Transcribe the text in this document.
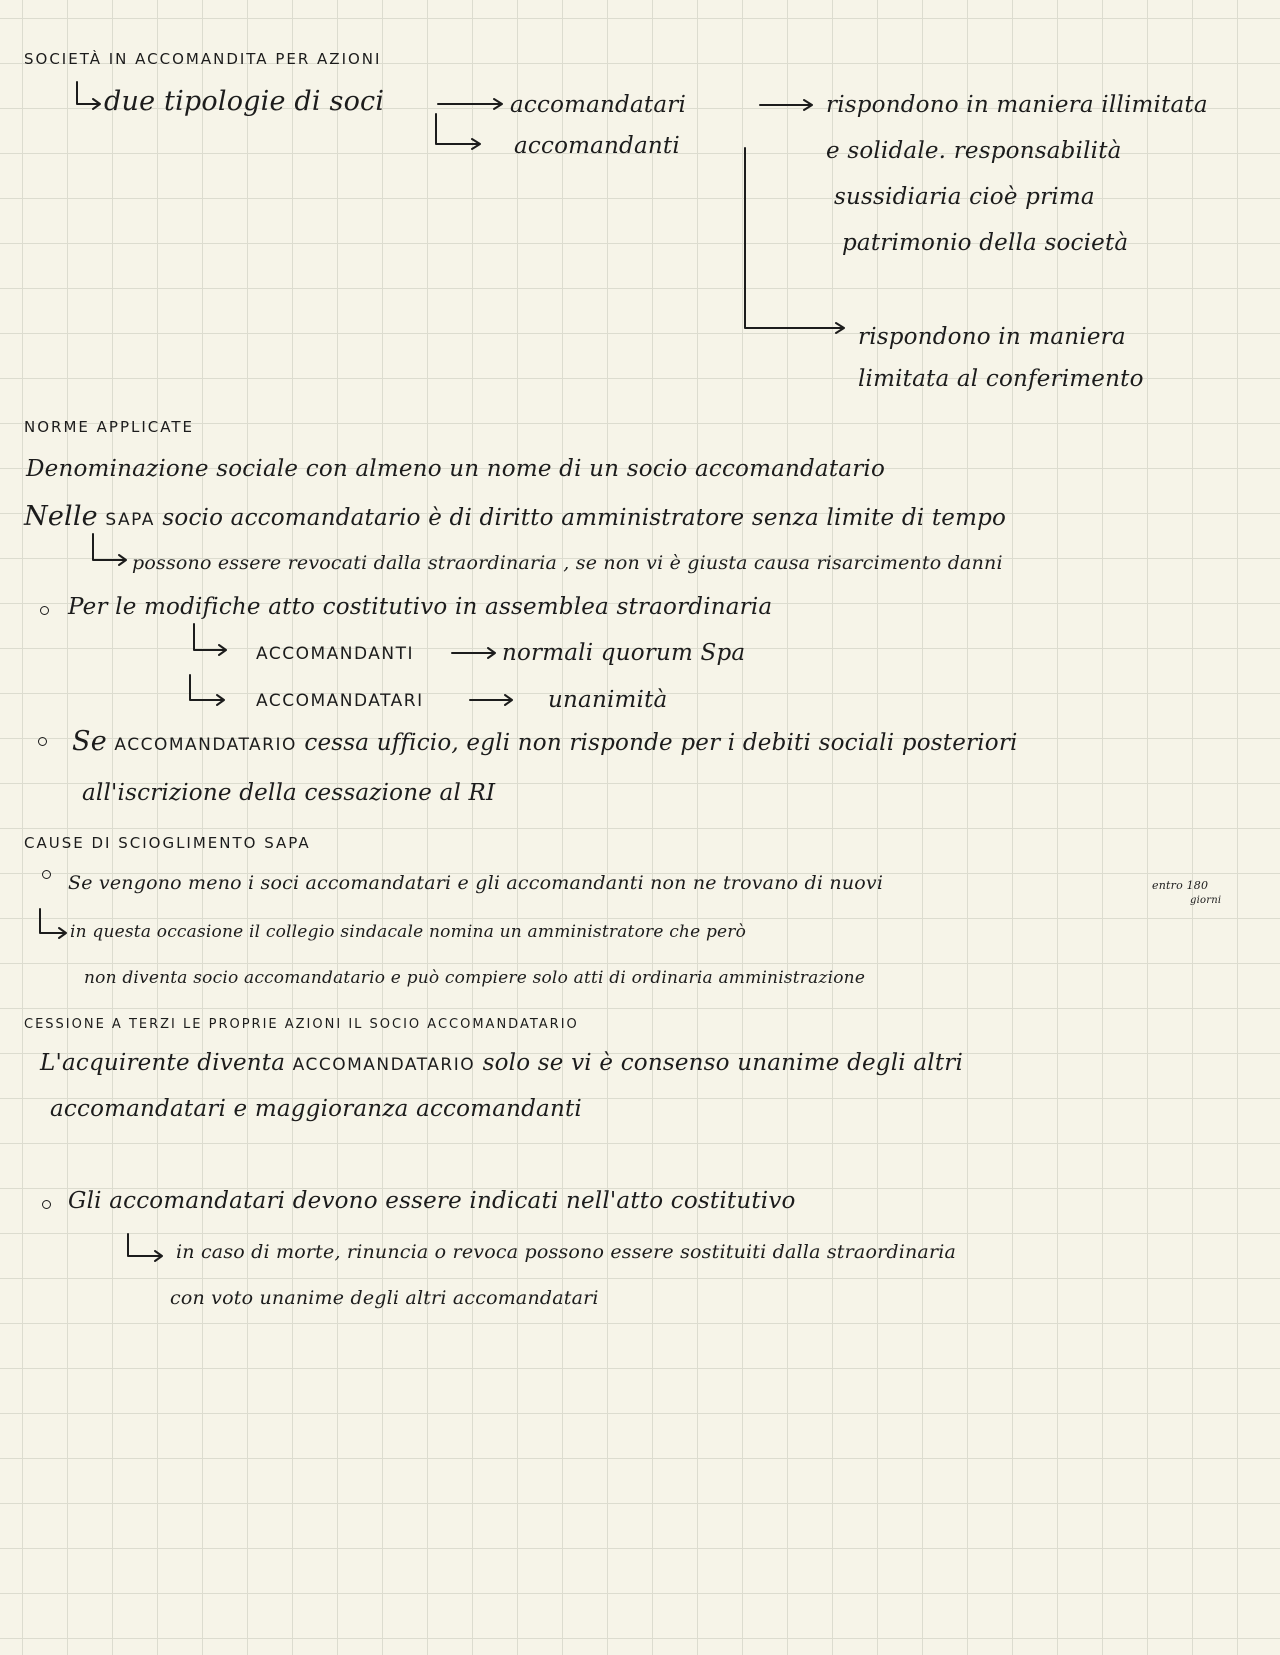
SOCIETÀ IN ACCOMANDITA PER AZIONI
due tipologie di soci	accomandatari
accomandanti
rispondono in maniera illimitata
e solidale. responsabilità
sussidiaria cioè prima
patrimonio della società
rispondono in maniera
limitata al conferimento
NORME APPLICATE
Denominazione sociale con almeno un nome di un socio accomandatario
Nelle SAPA socio accomandatario è di diritto amministratore senza limite di tempo
possono essere revocati dalla straordinaria , se non vi è giusta causa risarcimento danni
Per le modifiche atto costitutivo in assemblea straordinaria
ACCOMANDANTI	normali quorum Spa
ACCOMANDATARI	unanimità
Se ACCOMANDATARIO cessa ufficio, egli non risponde per i debiti sociali posteriori
all'iscrizione della cessazione al RI
CAUSE DI SCIOGLIMENTO SAPA
Se vengono meno i soci accomandatari e gli accomandanti non ne trovano di nuovi	entro 180
giorni
in questa occasione il collegio sindacale nomina un amministratore che però
non diventa socio accomandatario e può compiere solo atti di ordinaria amministrazione
CESSIONE A TERZI LE PROPRIE AZIONI IL SOCIO ACCOMANDATARIO
L'acquirente diventa ACCOMANDATARIO solo se vi è consenso unanime degli altri
accomandatari e maggioranza accomandanti
Gli accomandatari devono essere indicati nell'atto costitutivo
in caso di morte, rinuncia o revoca possono essere sostituiti dalla straordinaria
con voto unanime degli altri accomandatari
